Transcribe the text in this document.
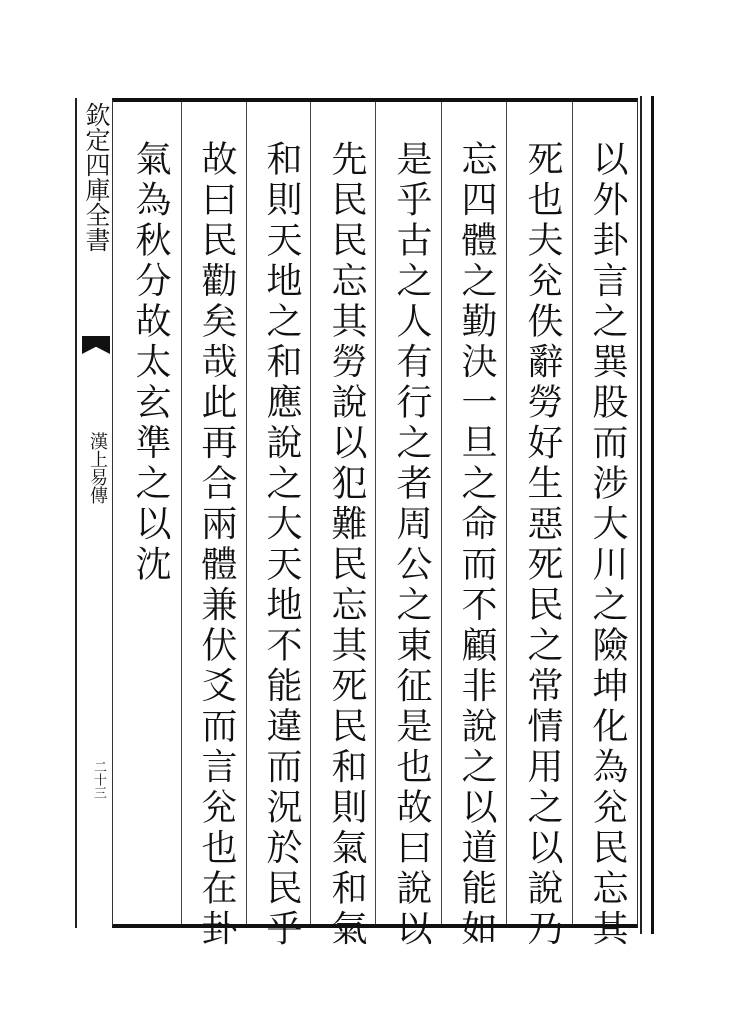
欽定四庫全書
漢上易傳
二十三	以外卦言之巽股而涉大川之險坤化為兊民忘其
死也夫兊佚辭勞好生惡死民之常情用之以說乃
忘四體之勤決一旦之命而不顧非說之以道能如
是乎古之人有行之者周公之東征是也故曰說以
先民民忘其勞說以犯難民忘其死民和則氣和氣
和則天地之和應說之大天地不能違而況於民乎
故曰民勸矣哉此再合兩體兼伏爻而言兊也在卦
氣為秋分故太玄準之以沈
